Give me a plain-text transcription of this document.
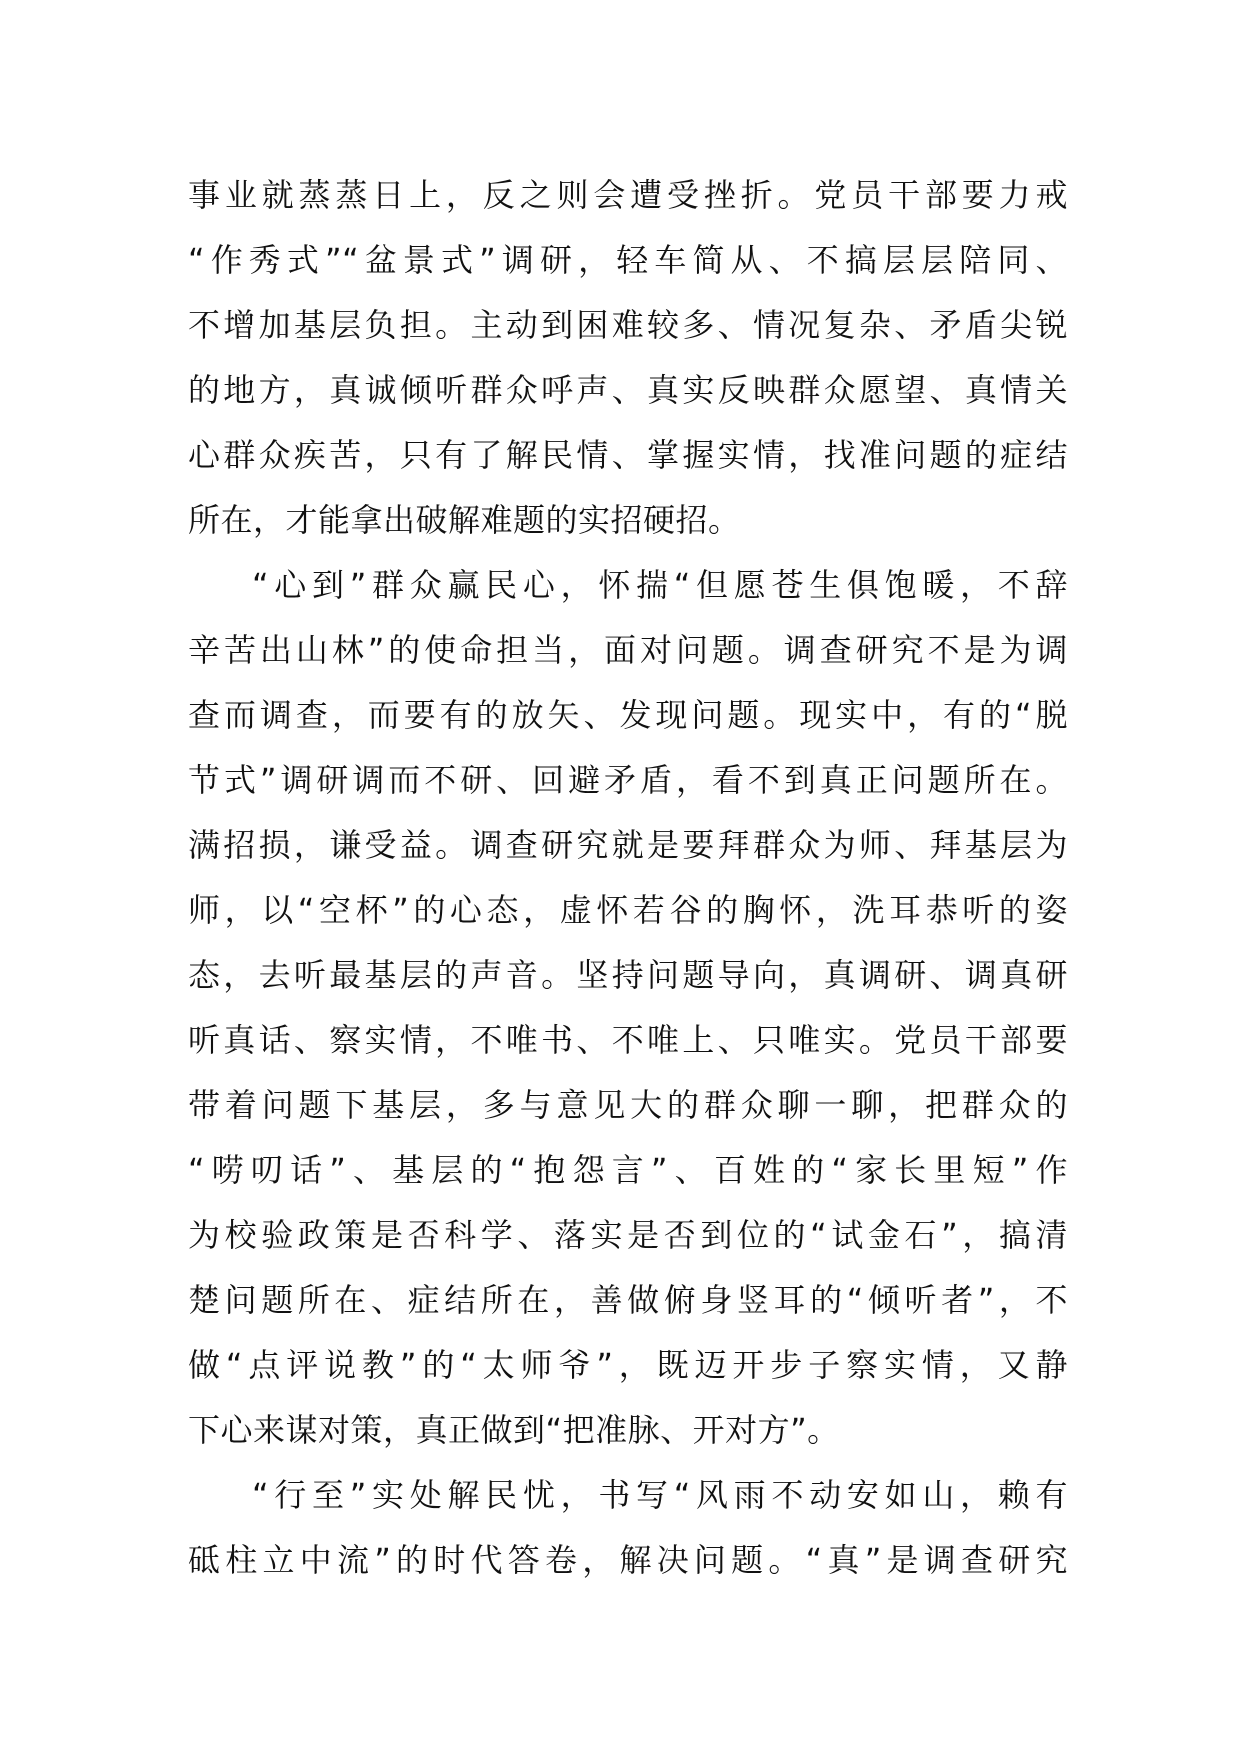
事业就蒸蒸日上，反之则会遭受挫折。党员干部要力戒
“作秀式”“盆景式”调研，轻车简从、不搞层层陪同、
不增加基层负担。主动到困难较多、情况复杂、矛盾尖锐
的地方，真诚倾听群众呼声、真实反映群众愿望、真情关
心群众疾苦，只有了解民情、掌握实情，找准问题的症结
所在，才能拿出破解难题的实招硬招。
“心到”群众赢民心，怀揣“但愿苍生俱饱暖，不辞
辛苦出山林”的使命担当，面对问题。调查研究不是为调
查而调查，而要有的放矢、发现问题。现实中，有的“脱
节式”调研调而不研、回避矛盾，看不到真正问题所在。
满招损，谦受益。调查研究就是要拜群众为师、拜基层为
师，以“空杯”的心态，虚怀若谷的胸怀，洗耳恭听的姿
态，去听最基层的声音。坚持问题导向，真调研、调真研
听真话、察实情，不唯书、不唯上、只唯实。党员干部要
带着问题下基层，多与意见大的群众聊一聊，把群众的
“唠叨话”、基层的“抱怨言”、百姓的“家长里短”作
为校验政策是否科学、落实是否到位的“试金石”，搞清
楚问题所在、症结所在，善做俯身竖耳的“倾听者”，不
做“点评说教”的“太师爷”，既迈开步子察实情，又静
下心来谋对策，真正做到“把准脉、开对方”。
“行至”实处解民忧，书写“风雨不动安如山，赖有
砥柱立中流”的时代答卷，解决问题。“真”是调查研究
